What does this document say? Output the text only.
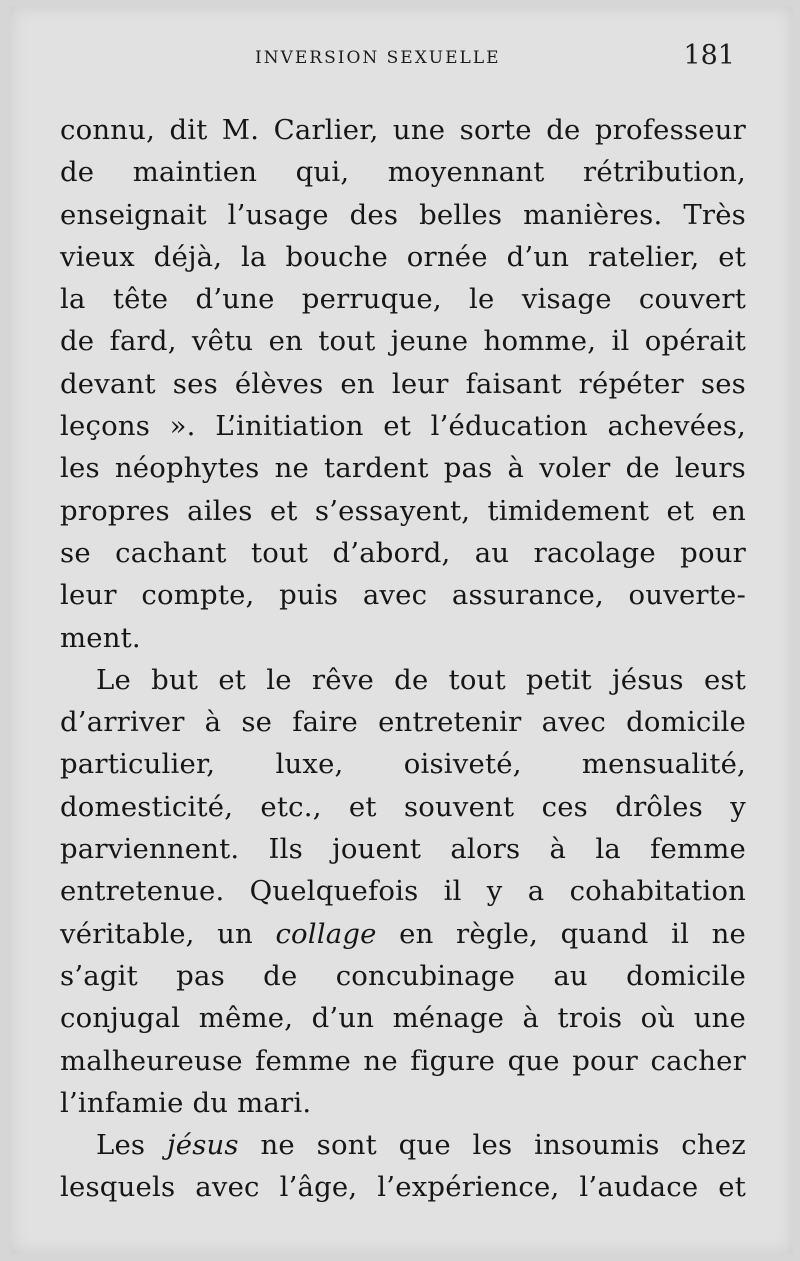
INVERSION SEXUELLE	181
connu, dit M. Carlier, une sorte de professeur
de maintien qui, moyennant rétribution,
enseignait l’usage des belles manières. Très
vieux déjà, la bouche ornée d’un ratelier, et
la tête d’une perruque, le visage couvert
de fard, vêtu en tout jeune homme, il opérait
devant ses élèves en leur faisant répéter ses
leçons ». L’initiation et l’éducation achevées,
les néophytes ne tardent pas à voler de leurs
propres ailes et s’essayent, timidement et en
se cachant tout d’abord, au racolage pour
leur compte, puis avec assurance, ouverte-
ment.
Le but et le rêve de tout petit jésus est
d’arriver à se faire entretenir avec domicile
particulier, luxe, oisiveté, mensualité,
domesticité, etc., et souvent ces drôles y
parviennent. Ils jouent alors à la femme
entretenue. Quelquefois il y a cohabitation
véritable, un collage en règle, quand il ne
s’agit pas de concubinage au domicile
conjugal même, d’un ménage à trois où une
malheureuse femme ne figure que pour cacher
l’infamie du mari.
Les jésus ne sont que les insoumis chez
lesquels avec l’âge, l’expérience, l’audace et
